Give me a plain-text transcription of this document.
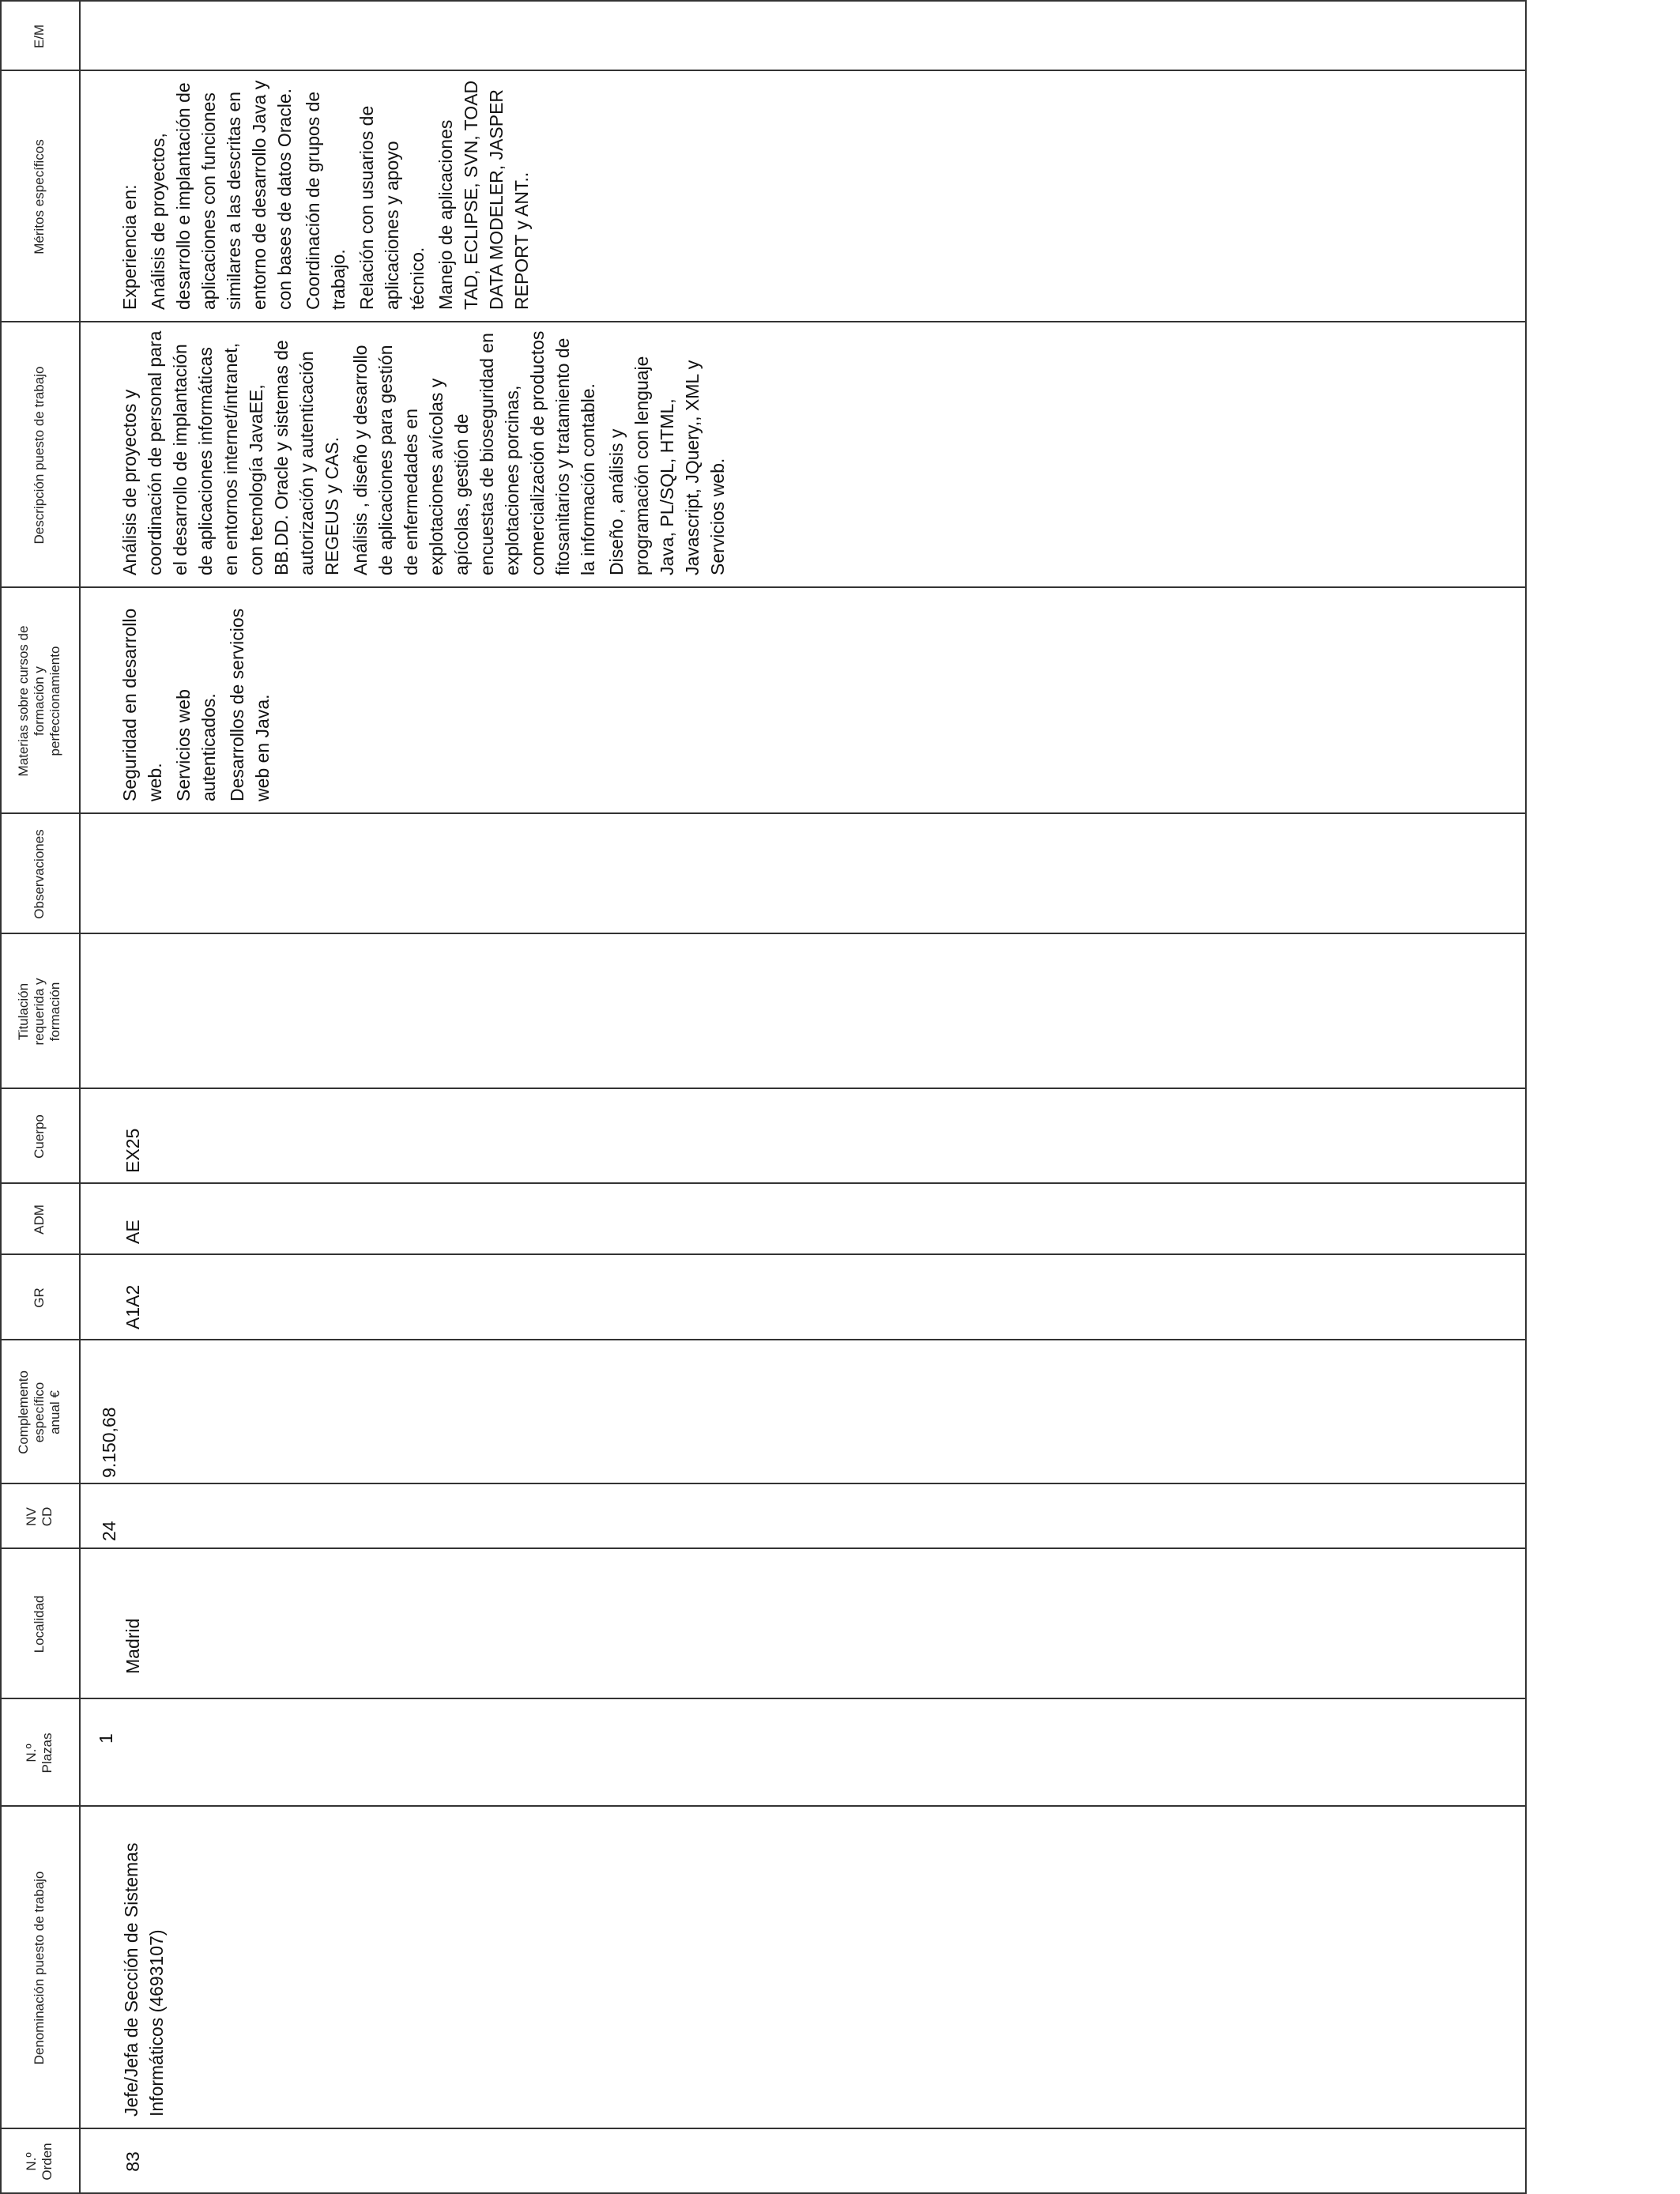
N.º
Orden
Denominación puesto de trabajo
N.º
Plazas
Localidad
NV
CD
Complemento
específico
anual €
GR
ADM
Cuerpo
Titulación
requerida y
formación
Observaciones
Materias sobre cursos de
formación y
perfeccionamiento
Descripción puesto de trabajo
Méritos específicos
E/M
83
Jefe/Jefa de Sección de Sistemas Informáticos (4693107)
1
Madrid
24
9.150,68
A1A2
AE
EX25
Seguridad en desarrollo web. Servicios web autenticados. Desarrollos de servicios web en Java.
Análisis de proyectos y coordinación de personal para el desarrollo de implantación de aplicaciones informáticas en entornos internet/intranet, con tecnología JavaEE, BB.DD. Oracle y sistemas de autorización y autenticación REGEUS y CAS. Análisis , diseño y desarrollo de aplicaciones para gestión de enfermedades en explotaciones avícolas y apícolas, gestión de encuestas de bioseguridad en explotaciones porcinas, comercialización de productos fitosanitarios y tratamiento de la información contable. Diseño , análisis y programación con lenguaje Java, PL/SQL, HTML, Javascript, JQuery,, XML y Servicios web.
Experiencia en: Análisis de proyectos, desarrollo e implantación de aplicaciones con funciones similares a las descritas en entorno de desarrollo Java y con bases de datos Oracle. Coordinación de grupos de trabajo. Relación con usuarios de aplicaciones y apoyo técnico. Manejo de aplicaciones TAD, ECLIPSE, SVN, TOAD DATA MODELER, JASPER REPORT y ANT..
